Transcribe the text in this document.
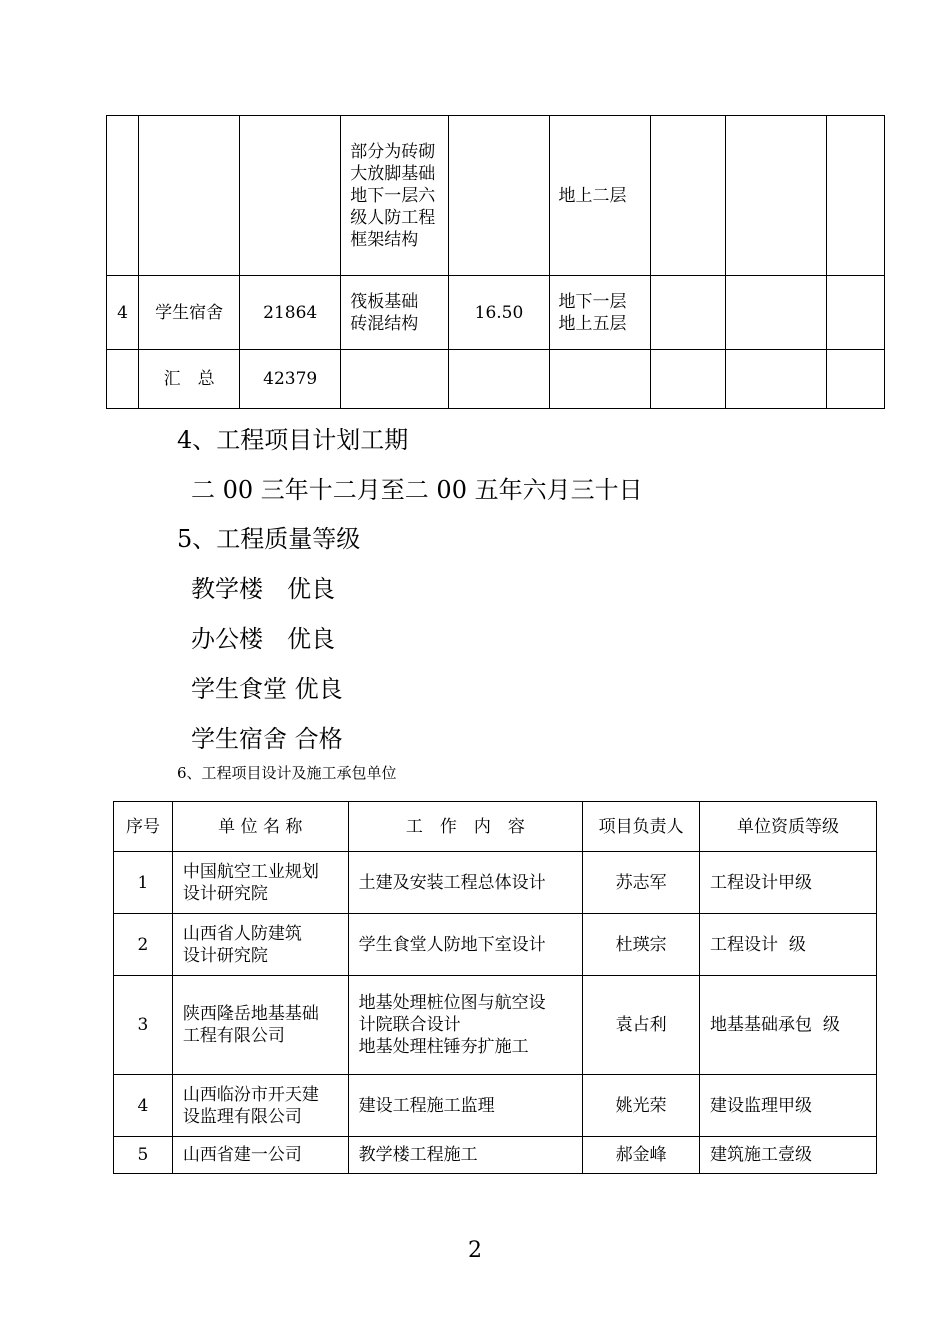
			部分为砖砌
大放脚基础
地下一层六
级人防工程
框架结构		地上二层			
4	学生宿舍	21864	筏板基础
砖混结构	16.50	地下一层
地上五层			
	汇　总	42379						
4、工程项目计划工期
二 00 三年十二月至二 00 五年六月三十日
5、工程质量等级
教学楼　优良
办公楼　优良
学生食堂 优良
学生宿舍 合格
6、工程项目设计及施工承包单位
序号	单 位 名 称	工　作　内　容	项目负责人	单位资质等级
1	中国航空工业规划
设计研究院	土建及安装工程总体设计	苏志军	工程设计甲级
2	山西省人防建筑
设计研究院	学生食堂人防地下室设计	杜瑛宗	工程设计  级
3	陕西隆岳地基基础
工程有限公司	地基处理桩位图与航空设
计院联合设计
地基处理柱锤夯扩施工	袁占利	地基基础承包  级
4	山西临汾市开天建
设监理有限公司	建设工程施工监理	姚光荣	建设监理甲级
5	山西省建一公司	教学楼工程施工	郝金峰	建筑施工壹级
2
